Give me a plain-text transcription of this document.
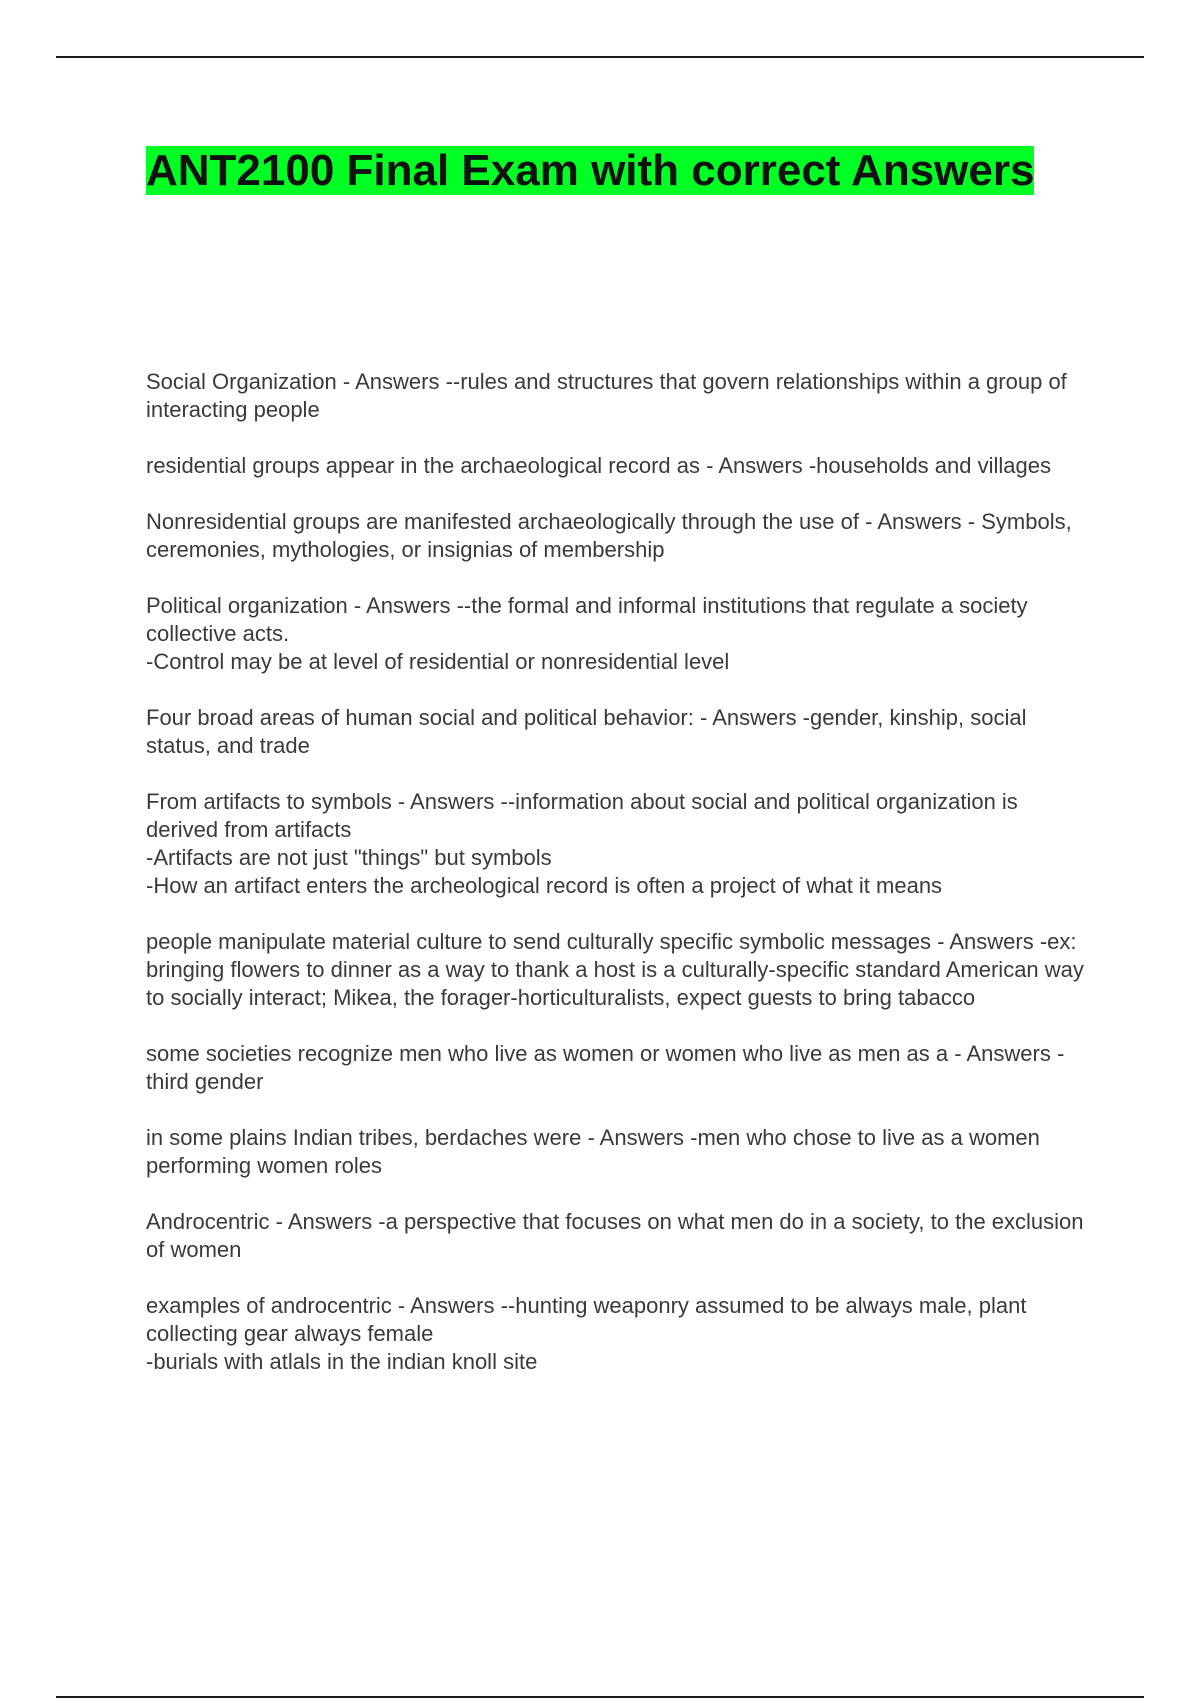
ANT2100 Final Exam with correct Answers
Social Organization - Answers --rules and structures that govern relationships within a group of interacting people
residential groups appear in the archaeological record as - Answers -households and villages
Nonresidential groups are manifested archaeologically through the use of - Answers - Symbols, ceremonies, mythologies, or insignias of membership
Political organization - Answers --the formal and informal institutions that regulate a society collective acts.
-Control may be at level of residential or nonresidential level
Four broad areas of human social and political behavior: - Answers -gender, kinship, social status, and trade
From artifacts to symbols - Answers --information about social and political organization is derived from artifacts
-Artifacts are not just "things" but symbols
-How an artifact enters the archeological record is often a project of what it means
people manipulate material culture to send culturally specific symbolic messages - Answers -ex: bringing flowers to dinner as a way to thank a host is a culturally-specific standard American way to socially interact; Mikea, the forager-horticulturalists, expect guests to bring tabacco
some societies recognize men who live as women or women who live as men as a - Answers -third gender
in some plains Indian tribes, berdaches were - Answers -men who chose to live as a women performing women roles
Androcentric - Answers -a perspective that focuses on what men do in a society, to the exclusion of women
examples of androcentric - Answers --hunting weaponry assumed to be always male, plant collecting gear always female
-burials with atlals in the indian knoll site
